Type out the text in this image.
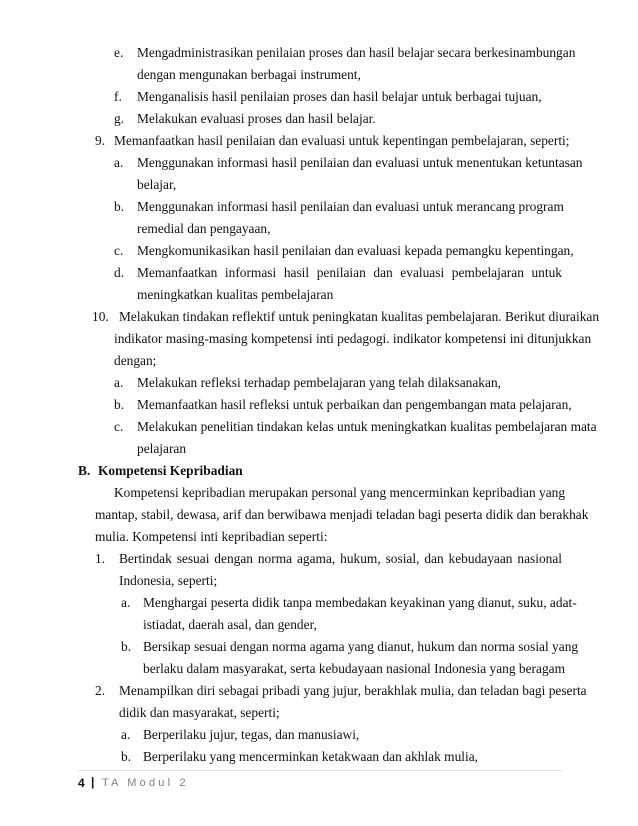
e. Mengadministrasikan penilaian proses dan hasil belajar secara berkesinambungan
dengan mengunakan berbagai instrument,
f. Menganalisis hasil penilaian proses dan hasil belajar untuk berbagai tujuan,
g. Melakukan evaluasi proses dan hasil belajar.
9. Memanfaatkan hasil penilaian dan evaluasi untuk kepentingan pembelajaran, seperti;
a. Menggunakan informasi hasil penilaian dan evaluasi untuk menentukan ketuntasan
belajar,
b. Menggunakan informasi hasil penilaian dan evaluasi untuk merancang program
remedial dan pengayaan,
c. Mengkomunikasikan hasil penilaian dan evaluasi kepada pemangku kepentingan,
d. Memanfaatkan informasi hasil penilaian dan evaluasi pembelajaran untuk
meningkatkan kualitas pembelajaran
10. Melakukan tindakan reflektif untuk peningkatan kualitas pembelajaran. Berikut diuraikan
indikator masing-masing kompetensi inti pedagogi. indikator kompetensi ini ditunjukkan
dengan;
a. Melakukan refleksi terhadap pembelajaran yang telah dilaksanakan,
b. Memanfaatkan hasil refleksi untuk perbaikan dan pengembangan mata pelajaran,
c. Melakukan penelitian tindakan kelas untuk meningkatkan kualitas pembelajaran mata
pelajaran
B. Kompetensi Kepribadian
Kompetensi kepribadian merupakan personal yang mencerminkan kepribadian yang
mantap, stabil, dewasa, arif dan berwibawa menjadi teladan bagi peserta didik dan berakhak
mulia. Kompetensi inti kepribadian seperti:
1. Bertindak sesuai dengan norma agama, hukum, sosial, dan kebudayaan nasional
Indonesia, seperti;
a. Menghargai peserta didik tanpa membedakan keyakinan yang dianut, suku, adat-
istiadat, daerah asal, dan gender,
b. Bersikap sesuai dengan norma agama yang dianut, hukum dan norma sosial yang
berlaku dalam masyarakat, serta kebudayaan nasional Indonesia yang beragam
2. Menampilkan diri sebagai pribadi yang jujur, berakhlak mulia, dan teladan bagi peserta
didik dan masyarakat, seperti;
a. Berperilaku jujur, tegas, dan manusiawi,
b. Berperilaku yang mencerminkan ketakwaan dan akhlak mulia,
4 | TA Modul 2
